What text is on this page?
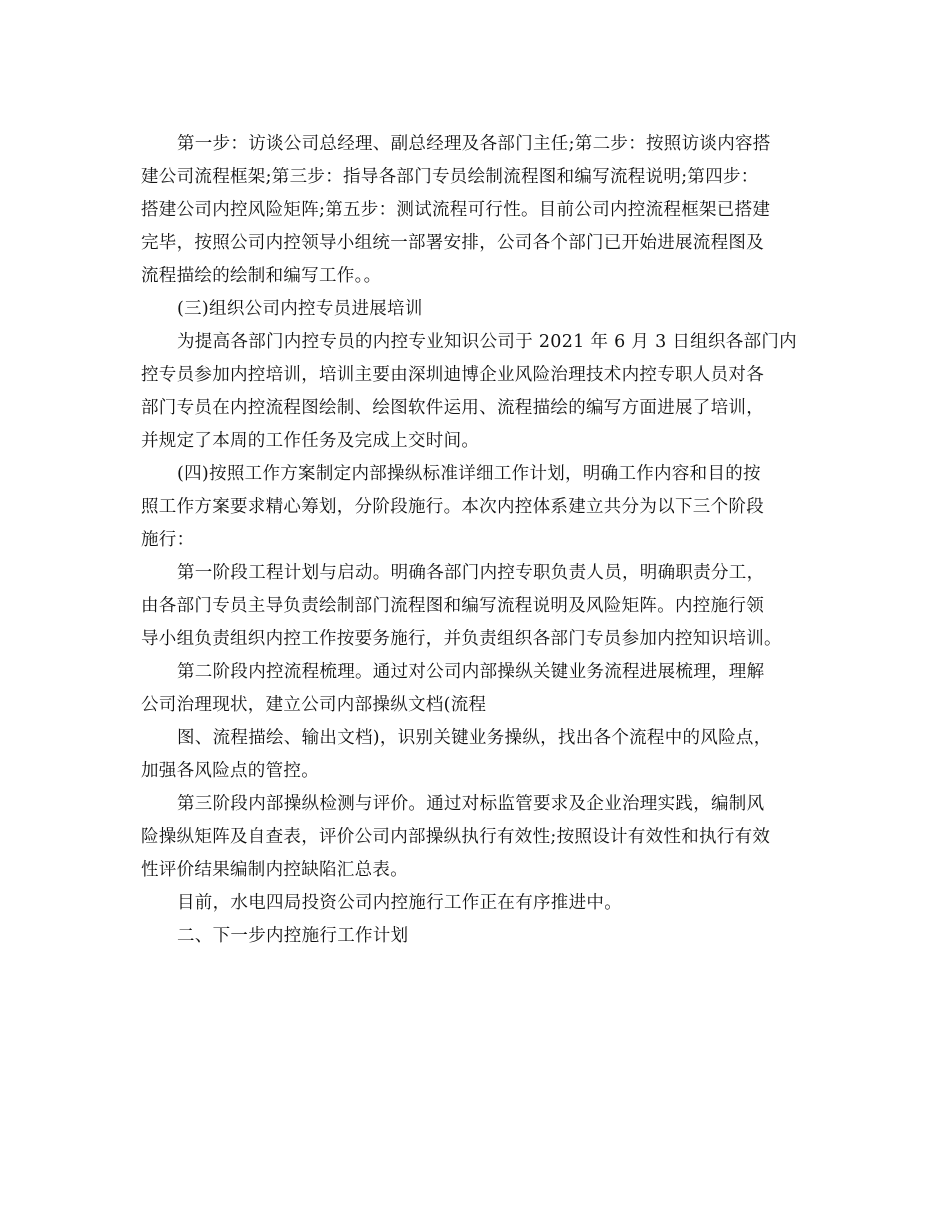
第一步：访谈公司总经理、副总经理及各部门主任;第二步：按照访谈内容搭
建公司流程框架;第三步：指导各部门专员绘制流程图和编写流程说明;第四步：
搭建公司内控风险矩阵;第五步：测试流程可行性。目前公司内控流程框架已搭建
完毕，按照公司内控领导小组统一部署安排，公司各个部门已开始进展流程图及
流程描绘的绘制和编写工作。。
(三)组织公司内控专员进展培训
为提高各部门内控专员的内控专业知识公司于 2021 年 6 月 3 日组织各部门内
控专员参加内控培训，培训主要由深圳迪博企业风险治理技术内控专职人员对各
部门专员在内控流程图绘制、绘图软件运用、流程描绘的编写方面进展了培训，
并规定了本周的工作任务及完成上交时间。
(四)按照工作方案制定内部操纵标准详细工作计划，明确工作内容和目的按
照工作方案要求精心筹划，分阶段施行。本次内控体系建立共分为以下三个阶段
施行：
第一阶段工程计划与启动。明确各部门内控专职负责人员，明确职责分工，
由各部门专员主导负责绘制部门流程图和编写流程说明及风险矩阵。内控施行领
导小组负责组织内控工作按要务施行，并负责组织各部门专员参加内控知识培训。
第二阶段内控流程梳理。通过对公司内部操纵关键业务流程进展梳理，理解
公司治理现状，建立公司内部操纵文档(流程
图、流程描绘、输出文档)，识别关键业务操纵，找出各个流程中的风险点，
加强各风险点的管控。
第三阶段内部操纵检测与评价。通过对标监管要求及企业治理实践，编制风
险操纵矩阵及自查表，评价公司内部操纵执行有效性;按照设计有效性和执行有效
性评价结果编制内控缺陷汇总表。
目前，水电四局投资公司内控施行工作正在有序推进中。
二、下一步内控施行工作计划
